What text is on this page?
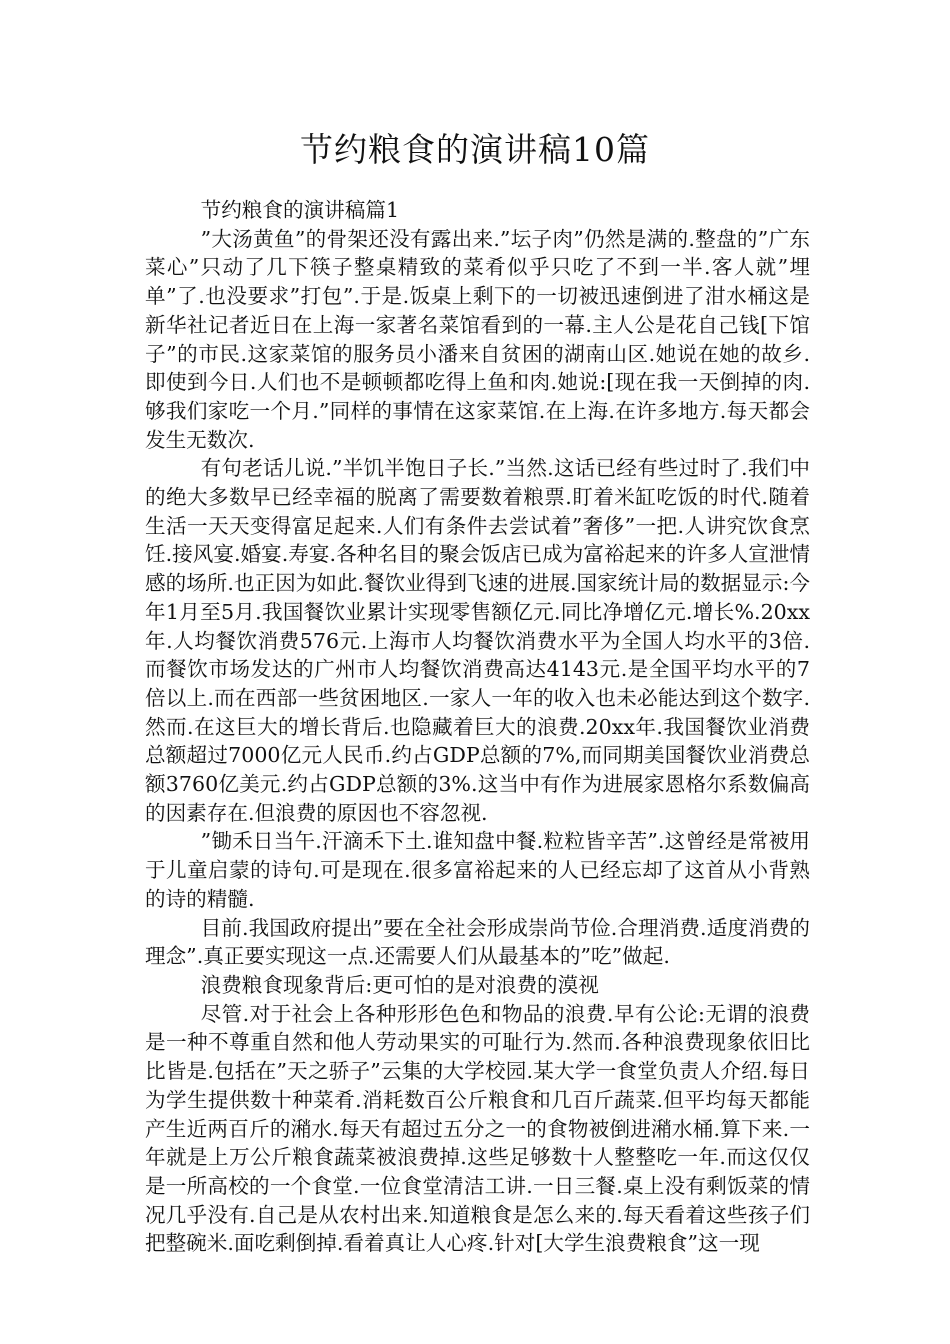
节约粮食的演讲稿10篇

节约粮食的演讲稿篇1

”大汤黄鱼”的骨架还没有露出来.”坛子肉”仍然是满的.整盘的”广东菜心”只动了几下筷子整桌精致的菜肴似乎只吃了不到一半.客人就”埋单”了.也没要求”打包”.于是.饭桌上剩下的一切被迅速倒进了泔水桶这是新华社记者近日在上海一家著名菜馆看到的一幕.主人公是花自己钱[下馆子”的市民.这家菜馆的服务员小潘来自贫困的湖南山区.她说在她的故乡.即使到今日.人们也不是顿顿都吃得上鱼和肉.她说:[现在我一天倒掉的肉.够我们家吃一个月.”同样的事情在这家菜馆.在上海.在许多地方.每天都会发生无数次.

有句老话儿说.”半饥半饱日子长.”当然.这话已经有些过时了.我们中的绝大多数早已经幸福的脱离了需要数着粮票.盯着米缸吃饭的时代.随着生活一天天变得富足起来.人们有条件去尝试着”奢侈”一把.人讲究饮食烹饪.接风宴.婚宴.寿宴.各种名目的聚会饭店已成为富裕起来的许多人宣泄情感的场所.也正因为如此.餐饮业得到飞速的进展.国家统计局的数据显示:今年1月至5月.我国餐饮业累计实现零售额亿元.同比净增亿元.增长%.20xx年.人均餐饮消费576元.上海市人均餐饮消费水平为全国人均水平的3倍.而餐饮市场发达的广州市人均餐饮消费高达4143元.是全国平均水平的7倍以上.而在西部一些贫困地区.一家人一年的收入也未必能达到这个数字.然而.在这巨大的增长背后.也隐藏着巨大的浪费.20xx年.我国餐饮业消费总额超过7000亿元人民币.约占GDP总额的7%,而同期美国餐饮业消费总额3760亿美元.约占GDP总额的3%.这当中有作为进展家恩格尔系数偏高的因素存在.但浪费的原因也不容忽视.

”锄禾日当午.汗滴禾下土.谁知盘中餐.粒粒皆辛苦”.这曾经是常被用于儿童启蒙的诗句.可是现在.很多富裕起来的人已经忘却了这首从小背熟的诗的精髓.

目前.我国政府提出”要在全社会形成崇尚节俭.合理消费.适度消费的理念”.真正要实现这一点.还需要人们从最基本的”吃”做起.

浪费粮食现象背后:更可怕的是对浪费的漠视

尽管.对于社会上各种形形色色和物品的浪费.早有公论:无谓的浪费是一种不尊重自然和他人劳动果实的可耻行为.然而.各种浪费现象依旧比比皆是.包括在”天之骄子”云集的大学校园.某大学一食堂负责人介绍.每日为学生提供数十种菜肴.消耗数百公斤粮食和几百斤蔬菜.但平均每天都能产生近两百斤的潲水.每天有超过五分之一的食物被倒进潲水桶.算下来.一年就是上万公斤粮食蔬菜被浪费掉.这些足够数十人整整吃一年.而这仅仅是一所高校的一个食堂.一位食堂清洁工讲.一日三餐.桌上没有剩饭菜的情况几乎没有.自己是从农村出来.知道粮食是怎么来的.每天看着这些孩子们把整碗米.面吃剩倒掉.看着真让人心疼.针对[大学生浪费粮食”这一现
